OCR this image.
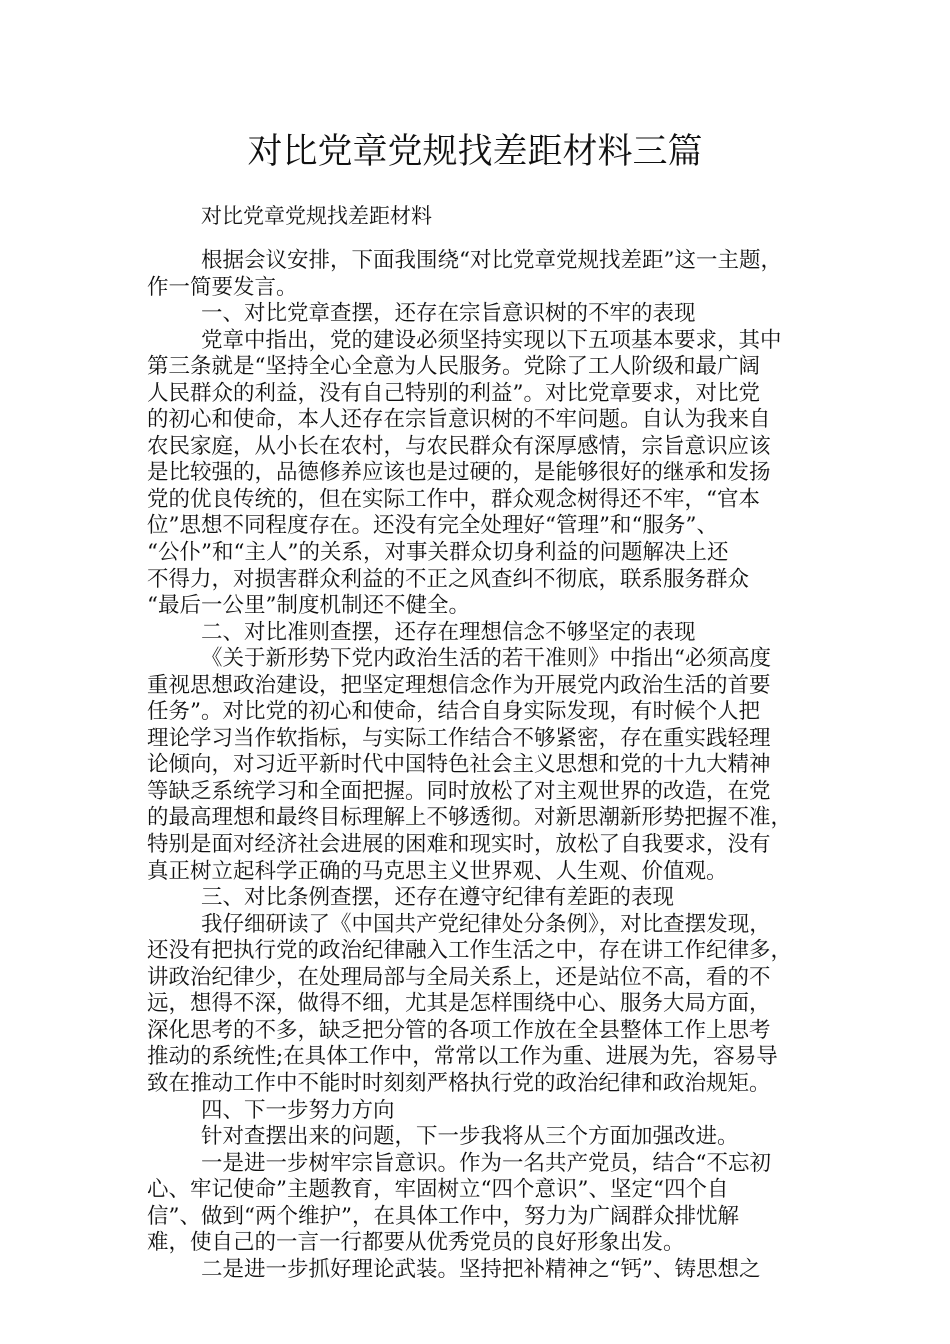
对比党章党规找差距材料三篇
对比党章党规找差距材料
根据会议安排，下面我围绕“对比党章党规找差距”这一主题，
作一简要发言。
一、对比党章查摆，还存在宗旨意识树的不牢的表现
党章中指出，党的建设必须坚持实现以下五项基本要求，其中
第三条就是“坚持全心全意为人民服务。党除了工人阶级和最广阔
人民群众的利益，没有自己特别的利益”。对比党章要求，对比党
的初心和使命，本人还存在宗旨意识树的不牢问题。自认为我来自
农民家庭，从小长在农村，与农民群众有深厚感情，宗旨意识应该
是比较强的，品德修养应该也是过硬的，是能够很好的继承和发扬
党的优良传统的，但在实际工作中，群众观念树得还不牢，“官本
位”思想不同程度存在。还没有完全处理好“管理”和“服务”、
“公仆”和“主人”的关系，对事关群众切身利益的问题解决上还
不得力，对损害群众利益的不正之风查纠不彻底，联系服务群众
“最后一公里”制度机制还不健全。
二、对比准则查摆，还存在理想信念不够坚定的表现
《关于新形势下党内政治生活的若干准则》中指出“必须高度
重视思想政治建设，把坚定理想信念作为开展党内政治生活的首要
任务”。对比党的初心和使命，结合自身实际发现，有时候个人把
理论学习当作软指标，与实际工作结合不够紧密，存在重实践轻理
论倾向，对习近平新时代中国特色社会主义思想和党的十九大精神
等缺乏系统学习和全面把握。同时放松了对主观世界的改造，在党
的最高理想和最终目标理解上不够透彻。对新思潮新形势把握不准，
特别是面对经济社会进展的困难和现实时，放松了自我要求，没有
真正树立起科学正确的马克思主义世界观、人生观、价值观。
三、对比条例查摆，还存在遵守纪律有差距的表现
我仔细研读了《中国共产党纪律处分条例》，对比查摆发现，
还没有把执行党的政治纪律融入工作生活之中，存在讲工作纪律多，
讲政治纪律少，在处理局部与全局关系上，还是站位不高，看的不
远，想得不深，做得不细，尤其是怎样围绕中心、服务大局方面，
深化思考的不多，缺乏把分管的各项工作放在全县整体工作上思考
推动的系统性;在具体工作中，常常以工作为重、进展为先，容易导
致在推动工作中不能时时刻刻严格执行党的政治纪律和政治规矩。
四、下一步努力方向
针对查摆出来的问题，下一步我将从三个方面加强改进。
一是进一步树牢宗旨意识。作为一名共产党员，结合“不忘初
心、牢记使命”主题教育，牢固树立“四个意识”、坚定“四个自
信”、做到“两个维护”，在具体工作中，努力为广阔群众排忧解
难，使自己的一言一行都要从优秀党员的良好形象出发。
二是进一步抓好理论武装。坚持把补精神之“钙”、铸思想之
